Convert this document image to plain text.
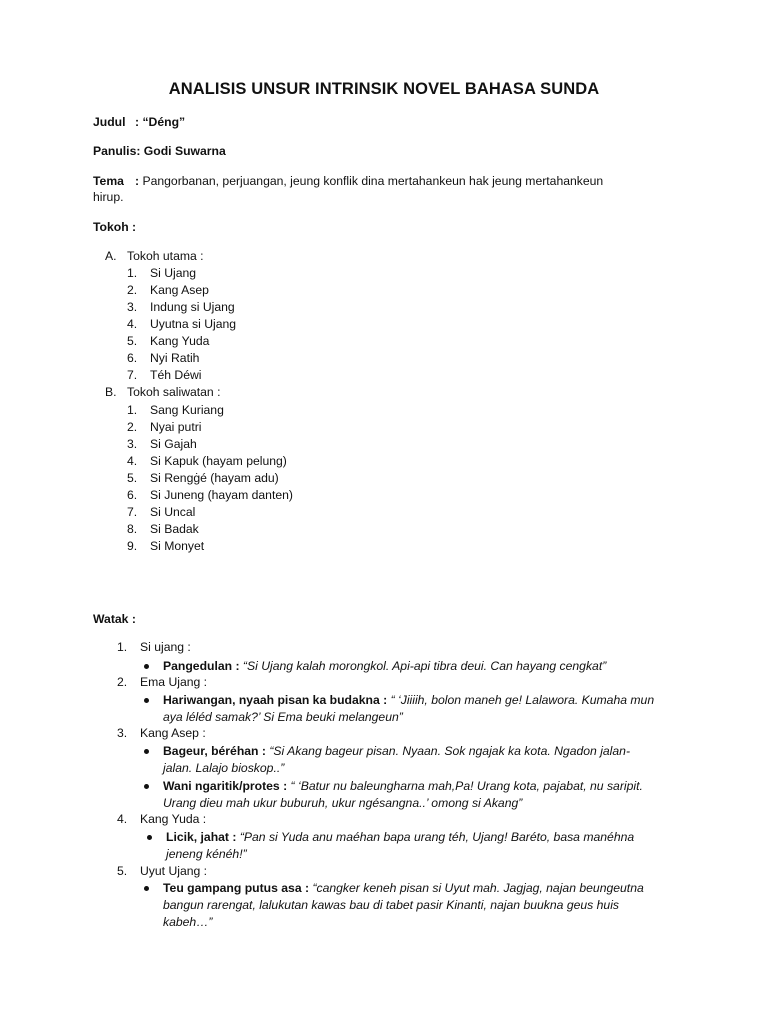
ANALISIS UNSUR INTRINSIK NOVEL BAHASA SUNDA
Judul : “Déng”
Panulis: Godi Suwarna
Tema : Pangorbanan, perjuangan, jeung konflik dina mertahankeun hak jeung mertahankeun
hirup.
Tokoh :
A. Tokoh utama :
1. Si Ujang
2. Kang Asep
3. Indung si Ujang
4. Uyutna si Ujang
5. Kang Yuda
6. Nyi Ratih
7. Téh Déwi
B. Tokoh saliwatan :
1. Sang Kuriang
2. Nyai putri
3. Si Gajah
4. Si Kapuk (hayam pelung)
5. Si Rengġé (hayam adu)
6. Si Juneng (hayam danten)
7. Si Uncal
8. Si Badak
9. Si Monyet
Watak :
1. Si ujang :
Pangedulan : “Si Ujang kalah morongkol. Api-api tibra deui. Can hayang cengkat”
2. Ema Ujang :
Hariwangan, nyaah pisan ka budakna : “ ‘Jiiiih, bolon maneh ge! Lalawora. Kumaha mun
aya léléd samak?’ Si Ema beuki melangeun”
3. Kang Asep :
Bageur, béréhan : “Si Akang bageur pisan. Nyaan. Sok ngajak ka kota. Ngadon jalan-
jalan. Lalajo bioskop..”
Wani ngaritik/protes : “ ‘Batur nu baleungharna mah,Pa! Urang kota, pajabat, nu saripit.
Urang dieu mah ukur buburuh, ukur ngésangna..’ omong si Akang”
4. Kang Yuda :
Licik, jahat : “Pan si Yuda anu maéhan bapa urang téh, Ujang! Baréto, basa manéhna
jeneng kénéh!”
5. Uyut Ujang :
Teu gampang putus asa : “cangker keneh pisan si Uyut mah. Jagjag, najan beungeutna
bangun rarengat, lalukutan kawas bau di tabet pasir Kinanti, najan buukna geus huis
kabeh…”
